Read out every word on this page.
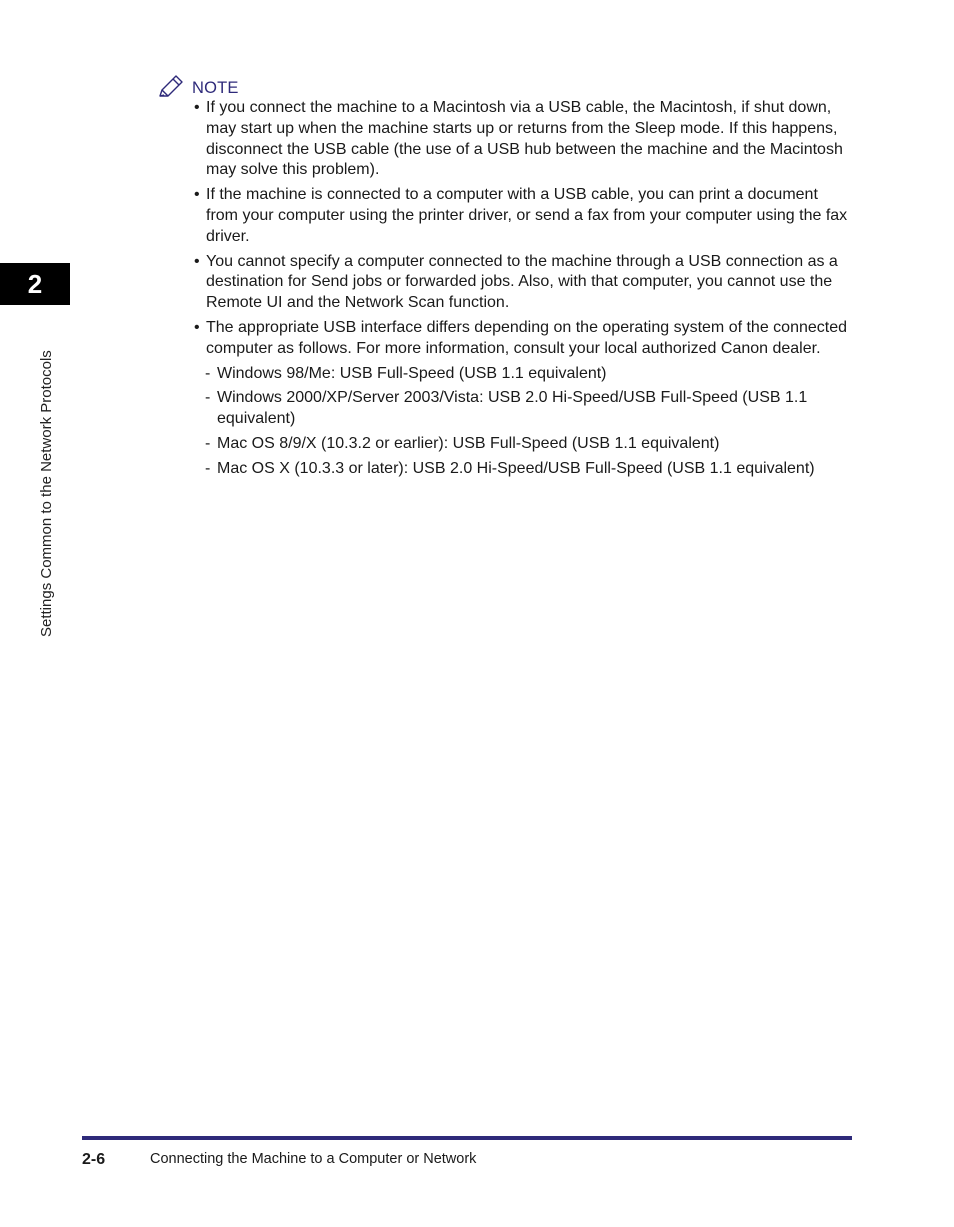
2
Settings Common to the Network Protocols
NOTE
• If you connect the machine to a Macintosh via a USB cable, the Macintosh, if shut down, may start up when the machine starts up or returns from the Sleep mode. If this happens, disconnect the USB cable (the use of a USB hub between the machine and the Macintosh may solve this problem).
• If the machine is connected to a computer with a USB cable, you can print a document from your computer using the printer driver, or send a fax from your computer using the fax driver.
• You cannot specify a computer connected to the machine through a USB connection as a destination for Send jobs or forwarded jobs. Also, with that computer, you cannot use the Remote UI and the Network Scan function.
• The appropriate USB interface differs depending on the operating system of the connected computer as follows. For more information, consult your local authorized Canon dealer.
- Windows 98/Me: USB Full-Speed (USB 1.1 equivalent)
- Windows 2000/XP/Server 2003/Vista: USB 2.0 Hi-Speed/USB Full-Speed (USB 1.1 equivalent)
- Mac OS 8/9/X (10.3.2 or earlier): USB Full-Speed (USB 1.1 equivalent)
- Mac OS X (10.3.3 or later): USB 2.0 Hi-Speed/USB Full-Speed (USB 1.1 equivalent)
2-6	Connecting the Machine to a Computer or Network
